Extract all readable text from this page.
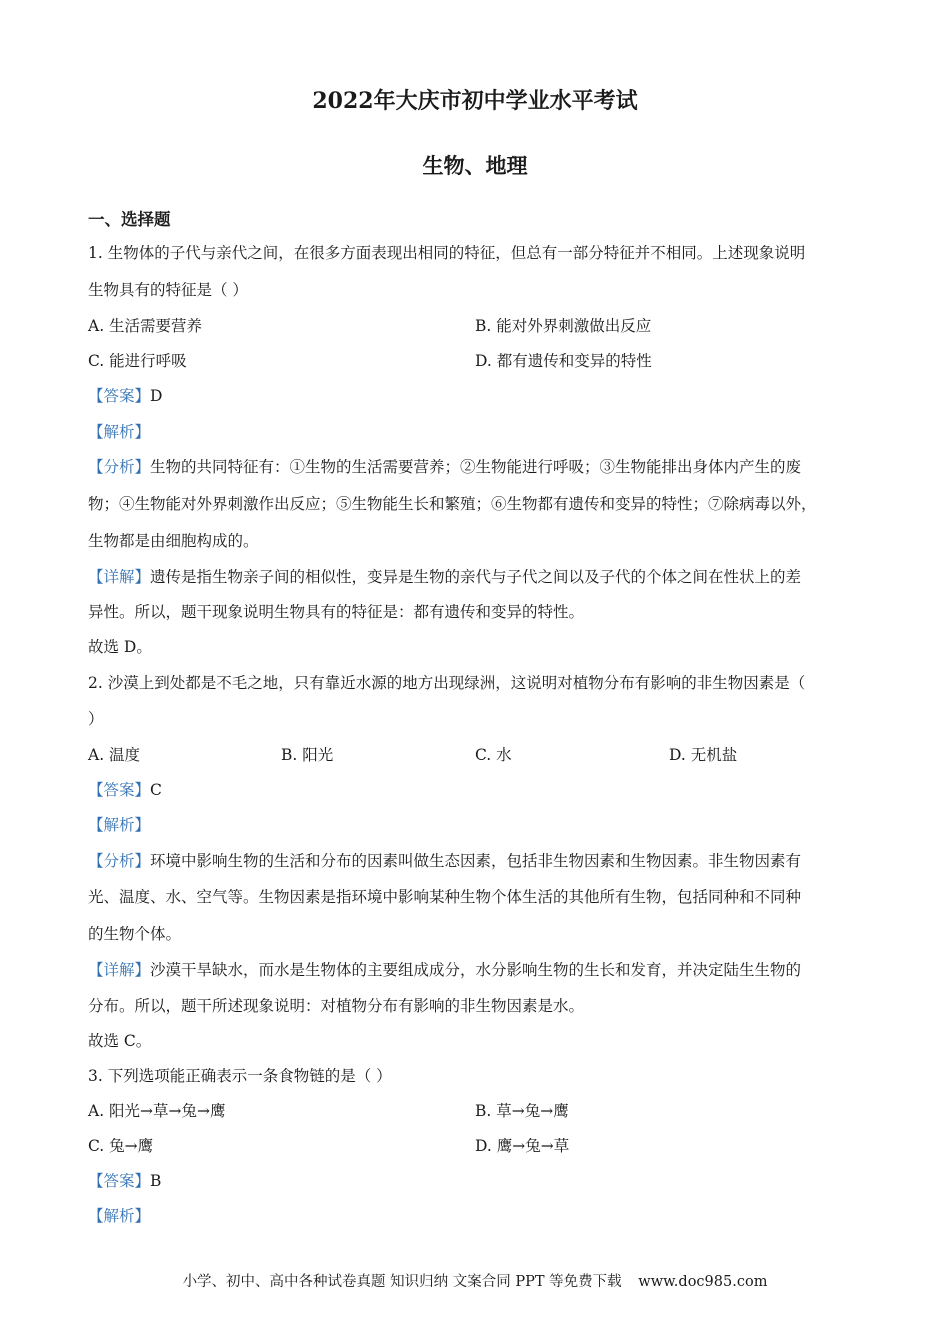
2022年大庆市初中学业水平考试
生物、地理
一、选择题
1. 生物体的子代与亲代之间，在很多方面表现出相同的特征，但总有一部分特征并不相同。上述现象说明
生物具有的特征是（ ）
A. 生活需要营养	B. 能对外界刺激做出反应
C. 能进行呼吸	D. 都有遗传和变异的特性
【答案】D
【解析】
【分析】生物的共同特征有：①生物的生活需要营养；②生物能进行呼吸；③生物能排出身体内产生的废
物；④生物能对外界刺激作出反应；⑤生物能生长和繁殖；⑥生物都有遗传和变异的特性；⑦除病毒以外，
生物都是由细胞构成的。
【详解】遗传是指生物亲子间的相似性，变异是生物的亲代与子代之间以及子代的个体之间在性状上的差
异性。所以，题干现象说明生物具有的特征是：都有遗传和变异的特性。
故选 D。
2. 沙漠上到处都是不毛之地，只有靠近水源的地方出现绿洲，这说明对植物分布有影响的非生物因素是（
）
A. 温度	B. 阳光	C. 水	D. 无机盐
【答案】C
【解析】
【分析】环境中影响生物的生活和分布的因素叫做生态因素，包括非生物因素和生物因素。非生物因素有
光、温度、水、空气等。生物因素是指环境中影响某种生物个体生活的其他所有生物，包括同种和不同种
的生物个体。
【详解】沙漠干旱缺水，而水是生物体的主要组成成分，水分影响生物的生长和发育，并决定陆生生物的
分布。所以，题干所述现象说明：对植物分布有影响的非生物因素是水。
故选 C。
3. 下列选项能正确表示一条食物链的是（ ）
A. 阳光→草→兔→鹰	B. 草→兔→鹰
C. 兔→鹰	D. 鹰→兔→草
【答案】B
【解析】
小学、初中、高中各种试卷真题 知识归纳 文案合同 PPT 等免费下载 www.doc985.com
